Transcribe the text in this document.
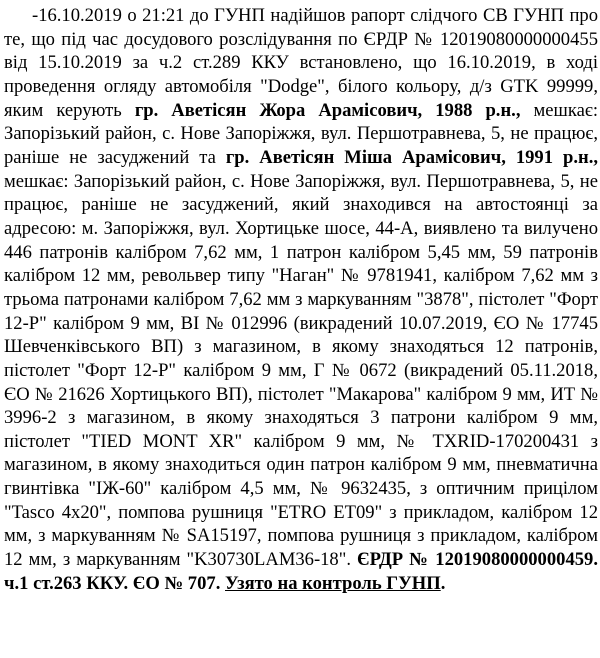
-16.10.2019 о 21:21 до ГУНП надійшов рапорт слідчого СВ ГУНП про те, що під час досудового розслідування по ЄРДР № 12019080000000455 від 15.10.2019 за ч.2 ст.289 ККУ встановлено, що 16.10.2019, в ході проведення огляду автомобіля "Dodge", білого кольору, д/з GTK 99999, яким керують гр. Аветісян Жора Арамісович, 1988 р.н., мешкає: Запорізький район, с. Нове Запоріжжя, вул. Першотравнева, 5, не працює, раніше не засуджений та гр. Аветісян Міша Арамісович, 1991 р.н., мешкає: Запорізький район, с. Нове Запоріжжя, вул. Першотравнева, 5, не працює, раніше не засуджений, який знаходився на автостоянці за адресою: м. Запоріжжя, вул. Хортицьке шосе, 44-А, виявлено та вилучено 446 патронів калібром 7,62 мм, 1 патрон калібром 5,45 мм, 59 патронів калібром 12 мм, револьвер типу "Наган" № 9781941, калібром 7,62 мм з трьома патронами калібром 7,62 мм з маркуванням "3878", пістолет "Форт 12-Р" калібром 9 мм, ВІ № 012996 (викрадений 10.07.2019, ЄО № 17745 Шевченківського ВП) з магазином, в якому знаходяться 12 патронів, пістолет "Форт 12-Р" калібром 9 мм, Г № 0672 (викрадений 05.11.2018, ЄО № 21626 Хортицького ВП), пістолет "Макарова" калібром 9 мм, ИТ № 3996-2 з магазином, в якому знаходяться 3 патрони калібром 9 мм, пістолет "TIED MONT XR" калібром 9 мм, № TXRID-170200431 з магазином, в якому знаходиться один патрон калібром 9 мм, пневматична гвинтівка "ІЖ-60" калібром 4,5 мм, № 9632435, з оптичним прицілом "Tasco 4х20", помпова рушниця "ETRO ET09" з прикладом, калібром 12 мм, з маркуванням № SA15197, помпова рушниця з прикладом, калібром 12 мм, з маркуванням "K30730LAM36-18". ЄРДР № 12019080000000459. ч.1 ст.263 ККУ. ЄО № 707. Узято на контроль ГУНП.
